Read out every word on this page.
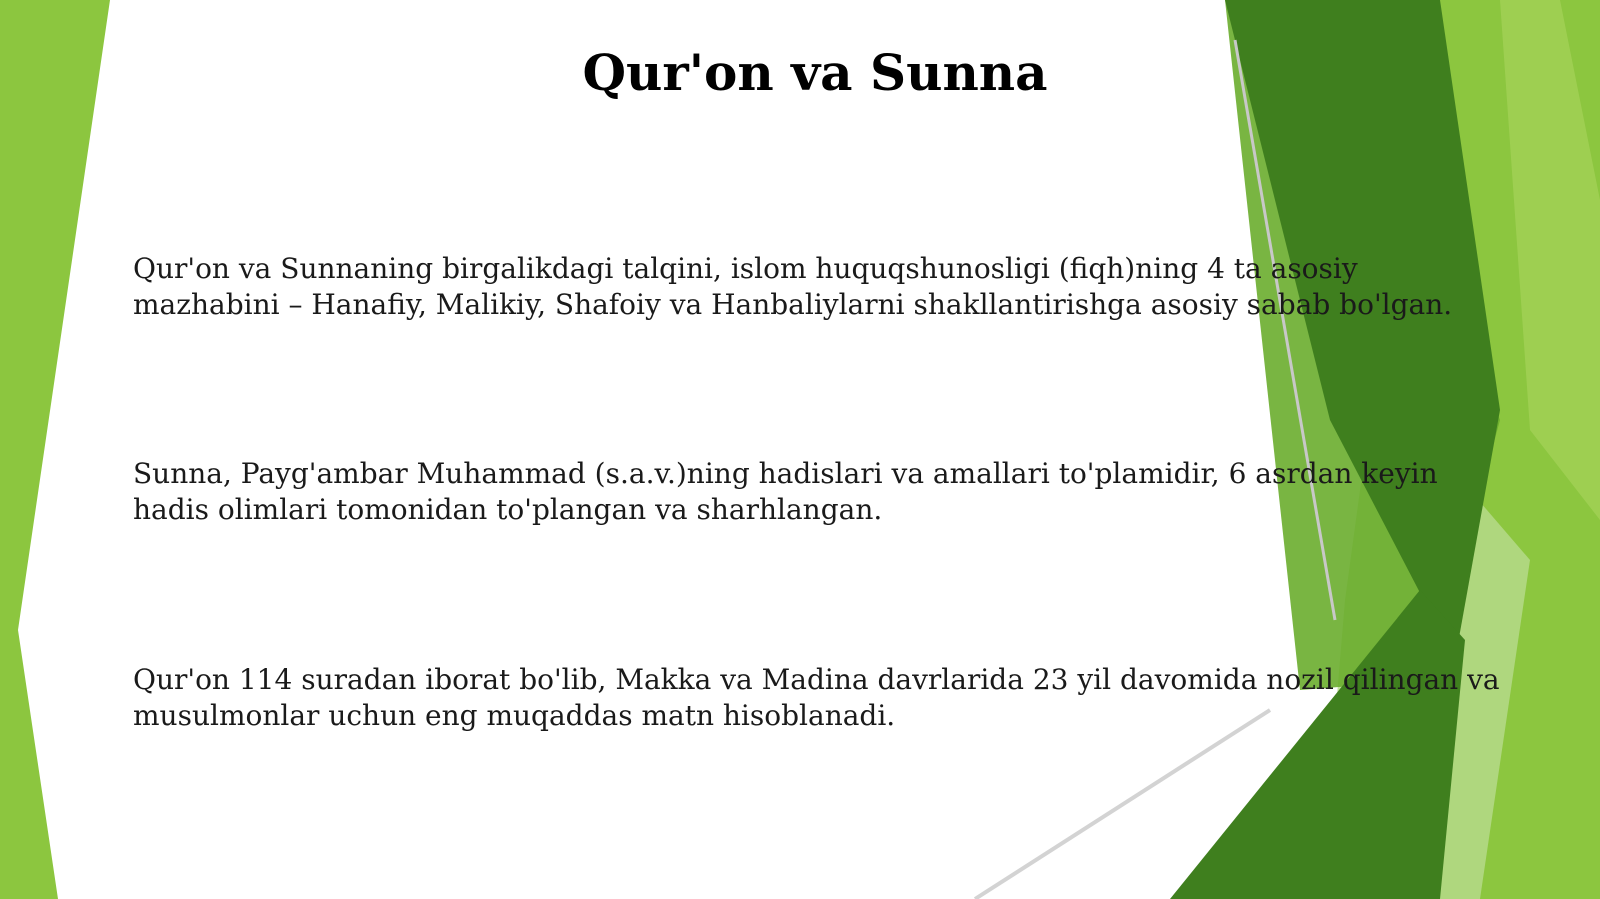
Qur'on va Sunna

Qur'on va Sunnaning birgalikdagi talqini, islom huquqshunosligi (fiqh)ning 4 ta asosiy
mazhabini – Hanafiy, Malikiy, Shafoiy va Hanbaliylarni shakllantirishga asosiy sabab bo'lgan.

Sunna, Payg'ambar Muhammad (s.a.v.)ning hadislari va amallari to'plamidir, 6 asrdan keyin
hadis olimlari tomonidan to'plangan va sharhlangan.

Qur'on 114 suradan iborat bo'lib, Makka va Madina davrlarida 23 yil davomida nozil qilingan va
musulmonlar uchun eng muqaddas matn hisoblanadi.
